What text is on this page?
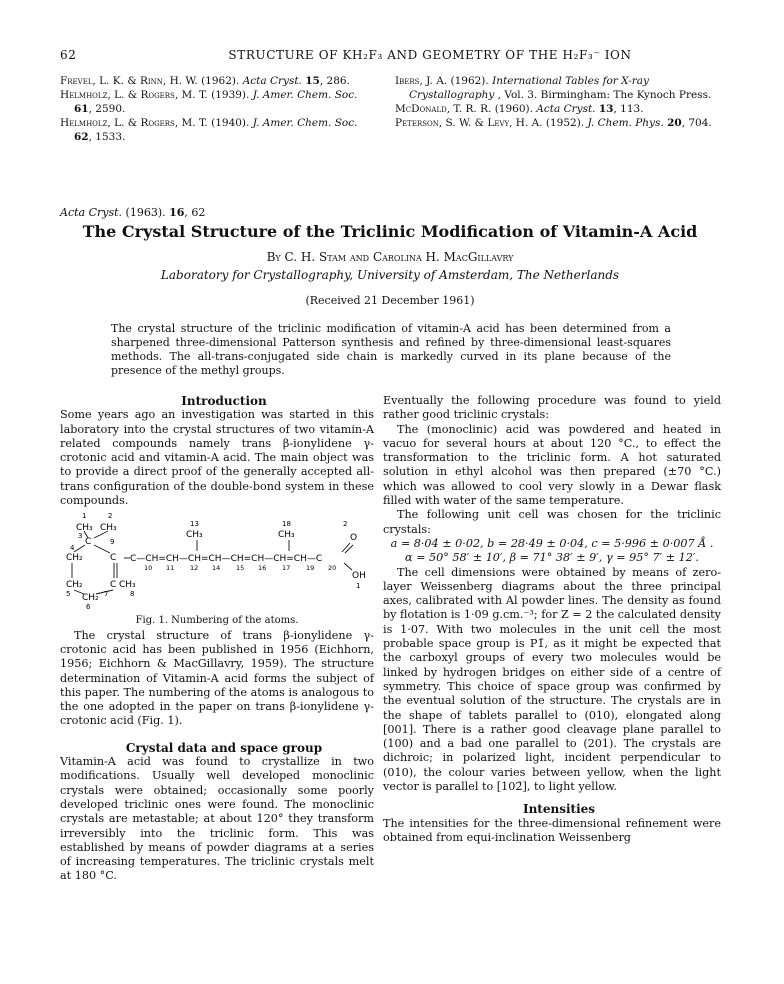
62	STRUCTURE OF KH₂F₃ AND GEOMETRY OF THE H₂F₃⁻ ION

Frevel, L. K. & Rinn, H. W. (1962). Acta Cryst. 15, 286.

Helmholz, L. & Rogers, M. T. (1939). J. Amer. Chem. Soc. 61, 2590.

Helmholz, L. & Rogers, M. T. (1940). J. Amer. Chem. Soc. 62, 1533.

Ibers, J. A. (1962). International Tables for X-ray Crystallography , Vol. 3. Birmingham: The Kynoch Press.

McDonald, T. R. R. (1960). Acta Cryst. 13, 113.

Peterson, S. W. & Levy, H. A. (1952). J. Chem. Phys. 20, 704.

Acta Cryst. (1963). 16, 62
The Crystal Structure of the Triclinic Modification of Vitamin-A Acid
By C. H. Stam and Carolina H. MacGillavry
Laboratory for Crystallography, University of Amsterdam, The Netherlands
(Received 21 December 1961)
The crystal structure of the triclinic modification of vitamin-A acid has been determined from a sharpened three-dimensional Patterson synthesis and refined by three-dimensional least-squares methods. The all-trans-conjugated side chain is markedly curved in its plane because of the presence of the methyl groups.

Introduction

Some years ago an investigation was started in this laboratory into the crystal structures of two vitamin-A related compounds namely trans β-ionylidene γ-crotonic acid and vitamin-A acid. The main object was to provide a direct proof of the generally accepted all-trans configuration of the double-bond system in these compounds.

1	2
13	18	2
CH₃ CH₃
CH₃	CH₃
4
C
3
9
CH₂	C
CH₂
5
C
7
CH₃
8
CH₂
6
C—CH=CH—CH=CH—CH=CH—CH=CH—C
10 11 12 14 15 16 17 19 20
O
OH
1

Fig. 1. Numbering of the atoms.

The crystal structure of trans β-ionylidene γ-crotonic acid has been published in 1956 (Eichhorn, 1956; Eichhorn & MacGillavry, 1959). The structure determination of Vitamin-A acid forms the subject of this paper. The numbering of the atoms is analogous to the one adopted in the paper on trans β-ionylidene γ-crotonic acid (Fig. 1).

Crystal data and space group

Vitamin-A acid was found to crystallize in two modifications. Usually well developed monoclinic crystals were obtained; occasionally some poorly developed triclinic ones were found. The monoclinic crystals are metastable; at about 120° they transform irreversibly into the triclinic form. This was established by means of powder diagrams at a series of increasing temperatures. The triclinic crystals melt at 180 °C.

Eventually the following procedure was found to yield rather good triclinic crystals:

The (monoclinic) acid was powdered and heated in vacuo for several hours at about 120 °C., to effect the transformation to the triclinic form. A hot saturated solution in ethyl alcohol was then prepared (±70 °C.) which was allowed to cool very slowly in a Dewar flask filled with water of the same temperature.

The following unit cell was chosen for the triclinic crystals:

a = 8·04 ± 0·02, b = 28·49 ± 0·04, c = 5·996 ± 0·007 Å .

α = 50° 58′ ± 10′, β = 71° 38′ ± 9′, γ = 95° 7′ ± 12′.

The cell dimensions were obtained by means of zero-layer Weissenberg diagrams about the three principal axes, calibrated with Al powder lines. The density as found by flotation is 1·09 g.cm.⁻³; for Z = 2 the calculated density is 1·07. With two molecules in the unit cell the most probable space group is P1̄, as it might be expected that the carboxyl groups of every two molecules would be linked by hydrogen bridges on either side of a centre of symmetry. This choice of space group was confirmed by the eventual solution of the structure. The crystals are in the shape of tablets parallel to (010), elongated along [001]. There is a rather good cleavage plane parallel to (100) and a bad one parallel to (201). The crystals are dichroic; in polarized light, incident perpendicular to (010), the colour varies between yellow, when the light vector is parallel to [102̄], to light yellow.

Intensities

The intensities for the three-dimensional refinement were obtained from equi-inclination Weissenberg
